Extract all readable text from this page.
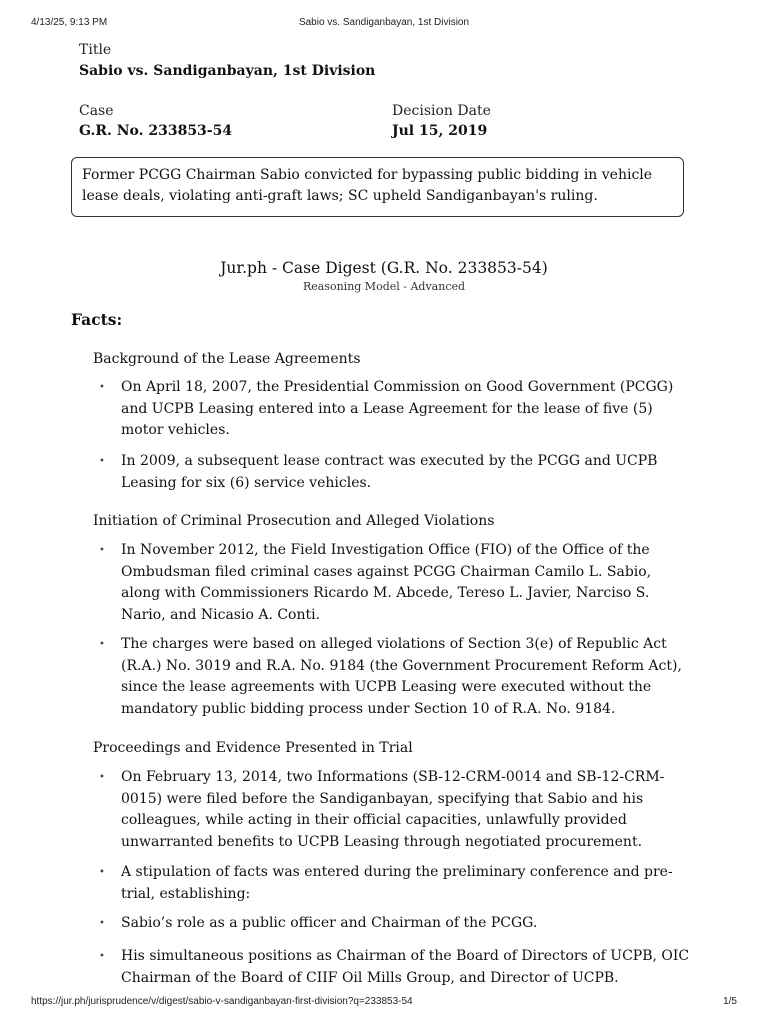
4/13/25, 9:13 PM	Sabio vs. Sandiganbayan, 1st Division
Title
Sabio vs. Sandiganbayan, 1st Division
Case
G.R. No. 233853-54
Decision Date
Jul 15, 2019
Former PCGG Chairman Sabio convicted for bypassing public bidding in vehicle lease deals, violating anti-graft laws; SC upheld Sandiganbayan's ruling.
Jur.ph - Case Digest (G.R. No. 233853-54)
Reasoning Model - Advanced
Facts:
Background of the Lease Agreements
• On April 18, 2007, the Presidential Commission on Good Government (PCGG) and UCPB Leasing entered into a Lease Agreement for the lease of five (5) motor vehicles.
• In 2009, a subsequent lease contract was executed by the PCGG and UCPB Leasing for six (6) service vehicles.
Initiation of Criminal Prosecution and Alleged Violations
• In November 2012, the Field Investigation Office (FIO) of the Office of the Ombudsman filed criminal cases against PCGG Chairman Camilo L. Sabio, along with Commissioners Ricardo M. Abcede, Tereso L. Javier, Narciso S. Nario, and Nicasio A. Conti.
• The charges were based on alleged violations of Section 3(e) of Republic Act (R.A.) No. 3019 and R.A. No. 9184 (the Government Procurement Reform Act), since the lease agreements with UCPB Leasing were executed without the mandatory public bidding process under Section 10 of R.A. No. 9184.
Proceedings and Evidence Presented in Trial
• On February 13, 2014, two Informations (SB-12-CRM-0014 and SB-12-CRM-0015) were filed before the Sandiganbayan, specifying that Sabio and his colleagues, while acting in their official capacities, unlawfully provided unwarranted benefits to UCPB Leasing through negotiated procurement.
• A stipulation of facts was entered during the preliminary conference and pre-trial, establishing:
• Sabio’s role as a public officer and Chairman of the PCGG.
• His simultaneous positions as Chairman of the Board of Directors of UCPB, OIC Chairman of the Board of CIIF Oil Mills Group, and Director of UCPB.
https://jur.ph/jurisprudence/v/digest/sabio-v-sandiganbayan-first-division?q=233853-54	1/5
